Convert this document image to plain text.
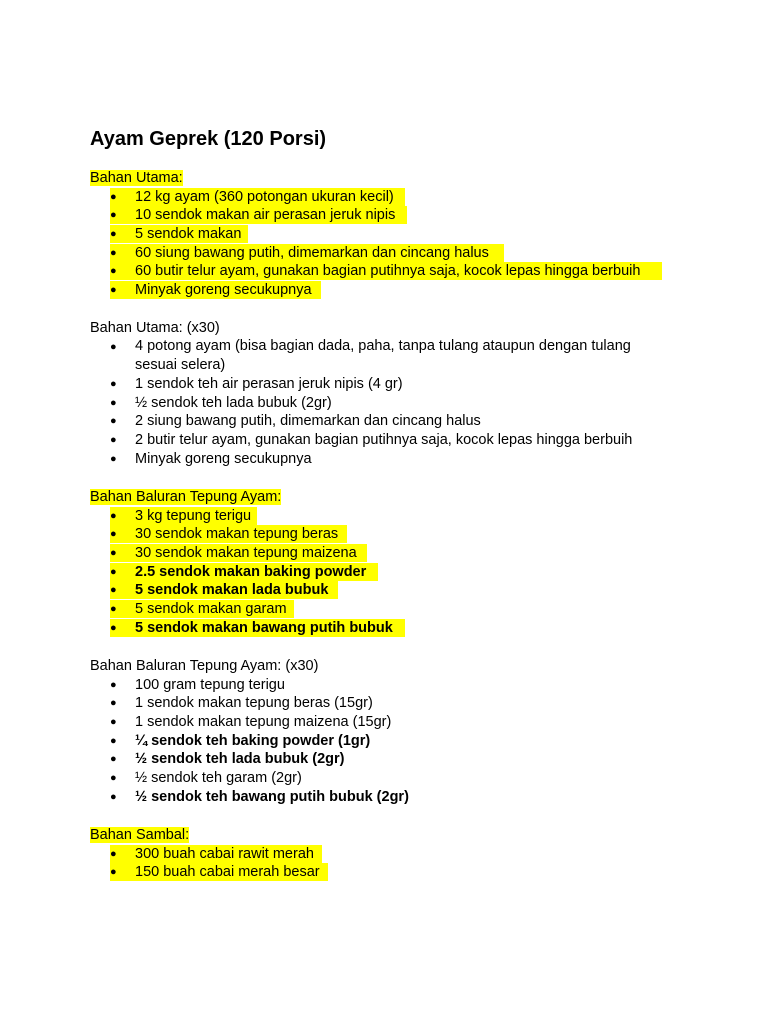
Ayam Geprek (120 Porsi)
Bahan Utama:
●	12 kg ayam (360 potongan ukuran kecil)
●	10 sendok makan air perasan jeruk nipis
●	5 sendok makan
●	60 siung bawang putih, dimemarkan dan cincang halus
●	60 butir telur ayam, gunakan bagian putihnya saja, kocok lepas hingga berbuih
●	Minyak goreng secukupnya
Bahan Utama: (x30)
●	4 potong ayam (bisa bagian dada, paha, tanpa tulang ataupun dengan tulang sesuai selera)
●	1 sendok teh air perasan jeruk nipis (4 gr)
●	½ sendok teh lada bubuk (2gr)
●	2 siung bawang putih, dimemarkan dan cincang halus
●	2 butir telur ayam, gunakan bagian putihnya saja, kocok lepas hingga berbuih
●	Minyak goreng secukupnya
Bahan Baluran Tepung Ayam:
●	3 kg tepung terigu
●	30 sendok makan tepung beras
●	30 sendok makan tepung maizena
●	2.5 sendok makan baking powder
●	5 sendok makan lada bubuk
●	5 sendok makan garam
●	5 sendok makan bawang putih bubuk
Bahan Baluran Tepung Ayam: (x30)
●	100 gram tepung terigu
●	1 sendok makan tepung beras (15gr)
●	1 sendok makan tepung maizena (15gr)
●	¼ sendok teh baking powder (1gr)
●	½ sendok teh lada bubuk (2gr)
●	½ sendok teh garam (2gr)
●	½ sendok teh bawang putih bubuk (2gr)
Bahan Sambal:
●	300 buah cabai rawit merah
●	150 buah cabai merah besar
